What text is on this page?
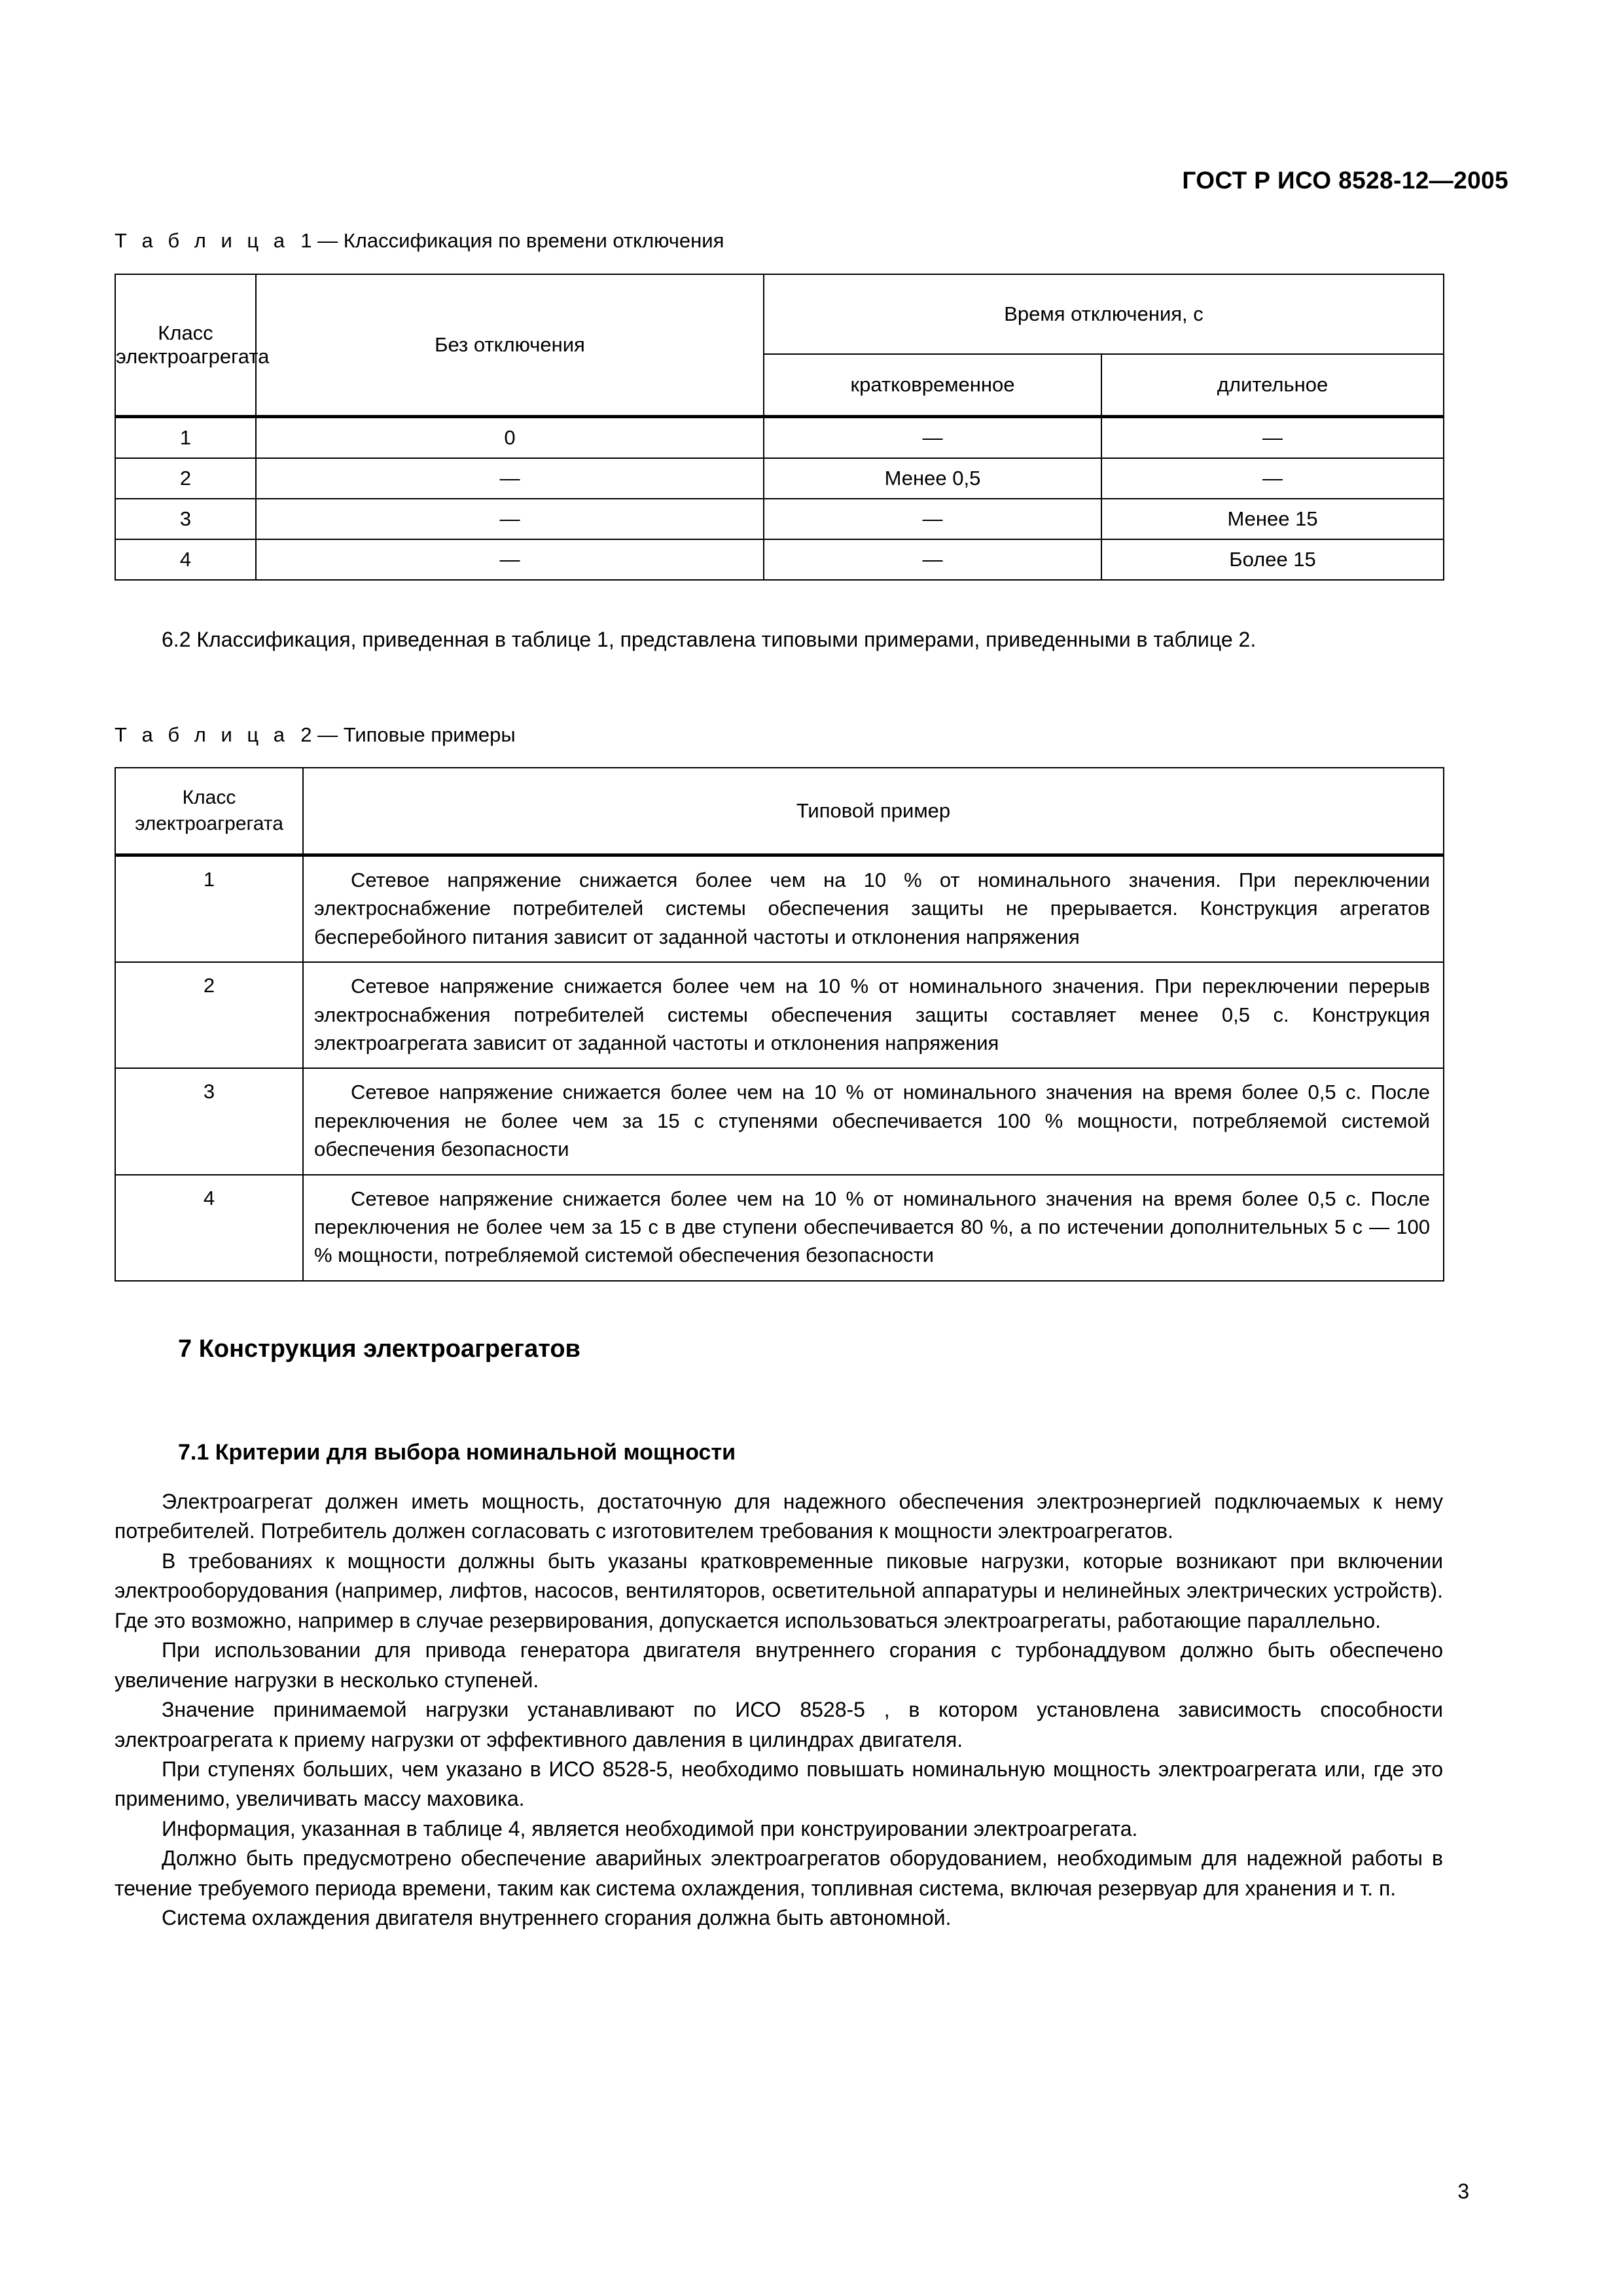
ГОСТ Р ИСО 8528-12—2005
Т а б л и ц а 1 — Классификация по времени отключения
Класс электроагрегата	Без отключения	Время отключения, с	
		кратковременное	длительное
1	0	—	—
2	—	Менее 0,5	—
3	—	—	Менее 15
4	—	—	Более 15

6.2 Классификация, приведенная в таблице 1, представлена типовыми примерами, приведенными в таблице 2.

Т а б л и ц а 2 — Типовые примеры
Класс
электроагрегата	Типовой пример
1	Сетевое напряжение снижается более чем на 10 % от номинального значения. При переключении электроснабжение потребителей системы обеспечения защиты не прерывается. Конструкция агрегатов бесперебойного питания зависит от заданной частоты и отклонения напряжения
2	Сетевое напряжение снижается более чем на 10 % от номинального значения. При переключении перерыв электроснабжения потребителей системы обеспечения защиты составляет менее 0,5 с. Конструкция электроагрегата зависит от заданной частоты и отклонения напряжения
3	Сетевое напряжение снижается более чем на 10 % от номинального значения на время более 0,5 с. После переключения не более чем за 15 с ступенями обеспечивается 100 % мощности, потребляемой системой обеспечения безопасности
4	Сетевое напряжение снижается более чем на 10 % от номинального значения на время более 0,5 с. После переключения не более чем за 15 с в две ступени обеспечивается 80 %, а по истечении дополнительных 5 с — 100 % мощности, потребляемой системой обеспечения безопасности
7 Конструкция электроагрегатов
7.1 Критерии для выбора номинальной мощности

Электроагрегат должен иметь мощность, достаточную для надежного обеспечения электроэнергией подключаемых к нему потребителей. Потребитель должен согласовать с изготовителем требования к мощности электроагрегатов.

В требованиях к мощности должны быть указаны кратковременные пиковые нагрузки, которые возникают при включении электрооборудования (например, лифтов, насосов, вентиляторов, осветительной аппаратуры и нелинейных электрических устройств). Где это возможно, например в случае резервирования, допускается использоваться электроагрегаты, работающие параллельно.

При использовании для привода генератора двигателя внутреннего сгорания с турбонаддувом должно быть обеспечено увеличение нагрузки в несколько ступеней.

Значение принимаемой нагрузки устанавливают по ИСО 8528-5 , в котором установлена зависимость способности электроагрегата к приему нагрузки от эффективного давления в цилиндрах двигателя.

При ступенях больших, чем указано в ИСО 8528-5, необходимо повышать номинальную мощность электроагрегата или, где это применимо, увеличивать массу маховика.

Информация, указанная в таблице 4, является необходимой при конструировании электроагрегата.

Должно быть предусмотрено обеспечение аварийных электроагрегатов оборудованием, необходимым для надежной работы в течение требуемого периода времени, таким как система охлаждения, топливная система, включая резервуар для хранения и т. п.

Система охлаждения двигателя внутреннего сгорания должна быть автономной.

3
